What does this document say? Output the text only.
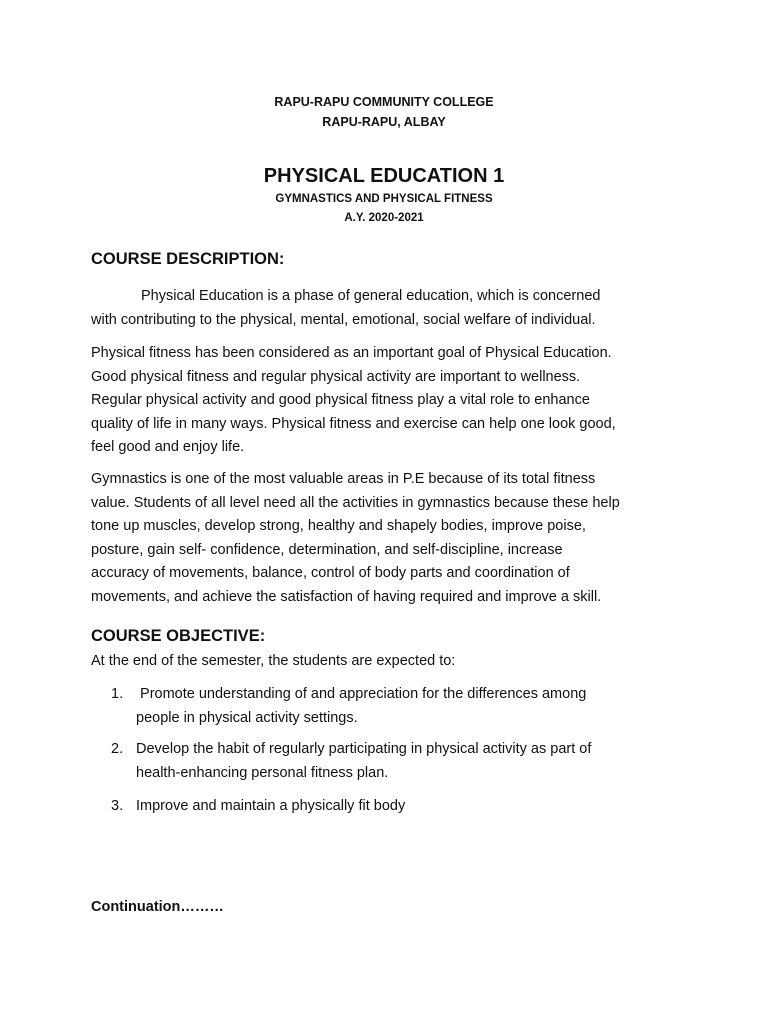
RAPU-RAPU COMMUNITY COLLEGE
RAPU-RAPU, ALBAY
PHYSICAL EDUCATION 1
GYMNASTICS AND PHYSICAL FITNESS
A.Y. 2020-2021
COURSE DESCRIPTION:
Physical Education is a phase of general education, which is concerned
with contributing to the physical, mental, emotional, social welfare of individual.
Physical fitness has been considered as an important goal of Physical Education.
Good physical fitness and regular physical activity are important to wellness.
Regular physical activity and good physical fitness play a vital role to enhance
quality of life in many ways. Physical fitness and exercise can help one look good,
feel good and enjoy life.
Gymnastics is one of the most valuable areas in P.E because of its total fitness
value. Students of all level need all the activities in gymnastics because these help
tone up muscles, develop strong, healthy and shapely bodies, improve poise,
posture, gain self- confidence, determination, and self-discipline, increase
accuracy of movements, balance, control of body parts and coordination of
movements, and achieve the satisfaction of having required and improve a skill.
COURSE OBJECTIVE:
At the end of the semester, the students are expected to:
1. Promote understanding of and appreciation for the differences among
people in physical activity settings.
2. Develop the habit of regularly participating in physical activity as part of
health-enhancing personal fitness plan.
3. Improve and maintain a physically fit body
Continuation………
